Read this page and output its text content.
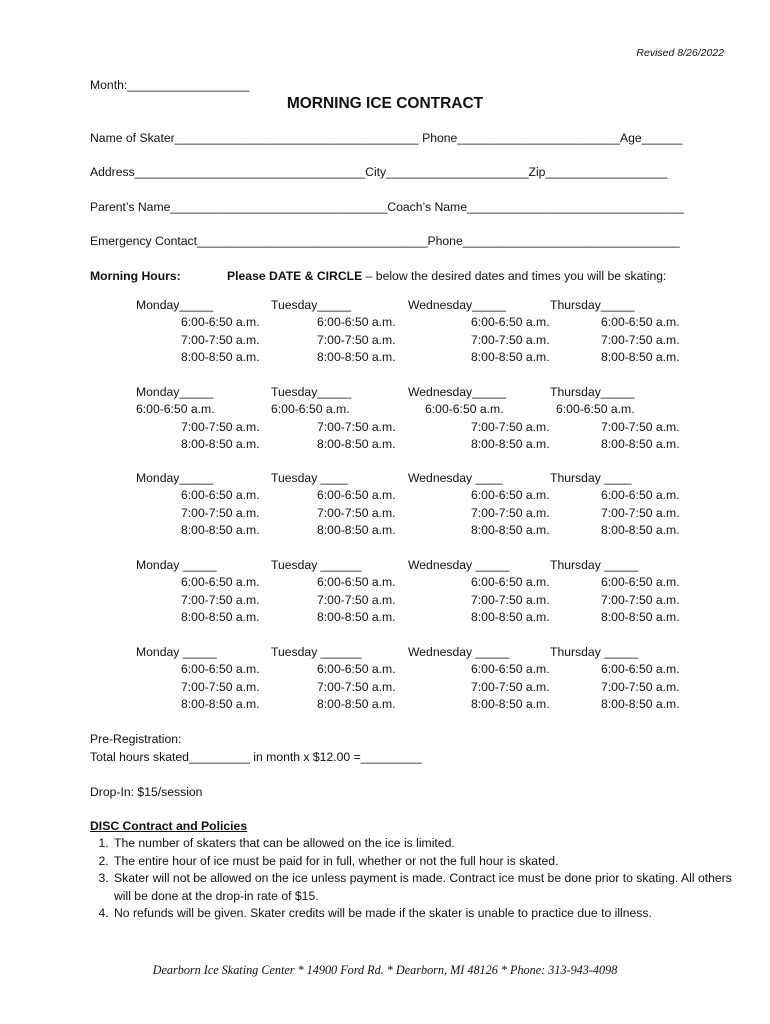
Revised 8/26/2022
Month:__________________
MORNING ICE CONTRACT
Name of Skater____________________________________ Phone________________________Age______
Address__________________________________City_____________________Zip__________________
Parent’s Name________________________________Coach’s Name________________________________
Emergency Contact__________________________________Phone________________________________
Morning Hours:	Please DATE & CIRCLE – below the desired dates and times you will be skating:
Monday_____	Tuesday_____	Wednesday_____	Thursday_____
6:00-6:50 a.m.	6:00-6:50 a.m.	6:00-6:50 a.m.	6:00-6:50 a.m.
7:00-7:50 a.m.	7:00-7:50 a.m.	7:00-7:50 a.m.	7:00-7:50 a.m.
8:00-8:50 a.m.	8:00-8:50 a.m.	8:00-8:50 a.m.	8:00-8:50 a.m.
Monday_____	Tuesday_____	Wednesday_____	Thursday_____
6:00-6:50 a.m.	6:00-6:50 a.m.	6:00-6:50 a.m.	6:00-6:50 a.m.
7:00-7:50 a.m.	7:00-7:50 a.m.	7:00-7:50 a.m.	7:00-7:50 a.m.
8:00-8:50 a.m.	8:00-8:50 a.m.	8:00-8:50 a.m.	8:00-8:50 a.m.
Monday_____	Tuesday ____	Wednesday ____	Thursday ____
6:00-6:50 a.m.	6:00-6:50 a.m.	6:00-6:50 a.m.	6:00-6:50 a.m.
7:00-7:50 a.m.	7:00-7:50 a.m.	7:00-7:50 a.m.	7:00-7:50 a.m.
8:00-8:50 a.m.	8:00-8:50 a.m.	8:00-8:50 a.m.	8:00-8:50 a.m.
Monday _____	Tuesday ______	Wednesday _____	Thursday _____
6:00-6:50 a.m.	6:00-6:50 a.m.	6:00-6:50 a.m.	6:00-6:50 a.m.
7:00-7:50 a.m.	7:00-7:50 a.m.	7:00-7:50 a.m.	7:00-7:50 a.m.
8:00-8:50 a.m.	8:00-8:50 a.m.	8:00-8:50 a.m.	8:00-8:50 a.m.
Monday _____	Tuesday ______	Wednesday _____	Thursday _____
6:00-6:50 a.m.	6:00-6:50 a.m.	6:00-6:50 a.m.	6:00-6:50 a.m.
7:00-7:50 a.m.	7:00-7:50 a.m.	7:00-7:50 a.m.	7:00-7:50 a.m.
8:00-8:50 a.m.	8:00-8:50 a.m.	8:00-8:50 a.m.	8:00-8:50 a.m.
Pre-Registration:
Total hours skated_________ in month x $12.00 =_________
Drop-In: $15/session
DISC Contract and Policies
1. The number of skaters that can be allowed on the ice is limited.
2. The entire hour of ice must be paid for in full, whether or not the full hour is skated.
3. Skater will not be allowed on the ice unless payment is made. Contract ice must be done prior to skating. All others will be done at the drop-in rate of $15.
4. No refunds will be given. Skater credits will be made if the skater is unable to practice due to illness.
Dearborn Ice Skating Center * 14900 Ford Rd. * Dearborn, MI 48126 * Phone: 313-943-4098
